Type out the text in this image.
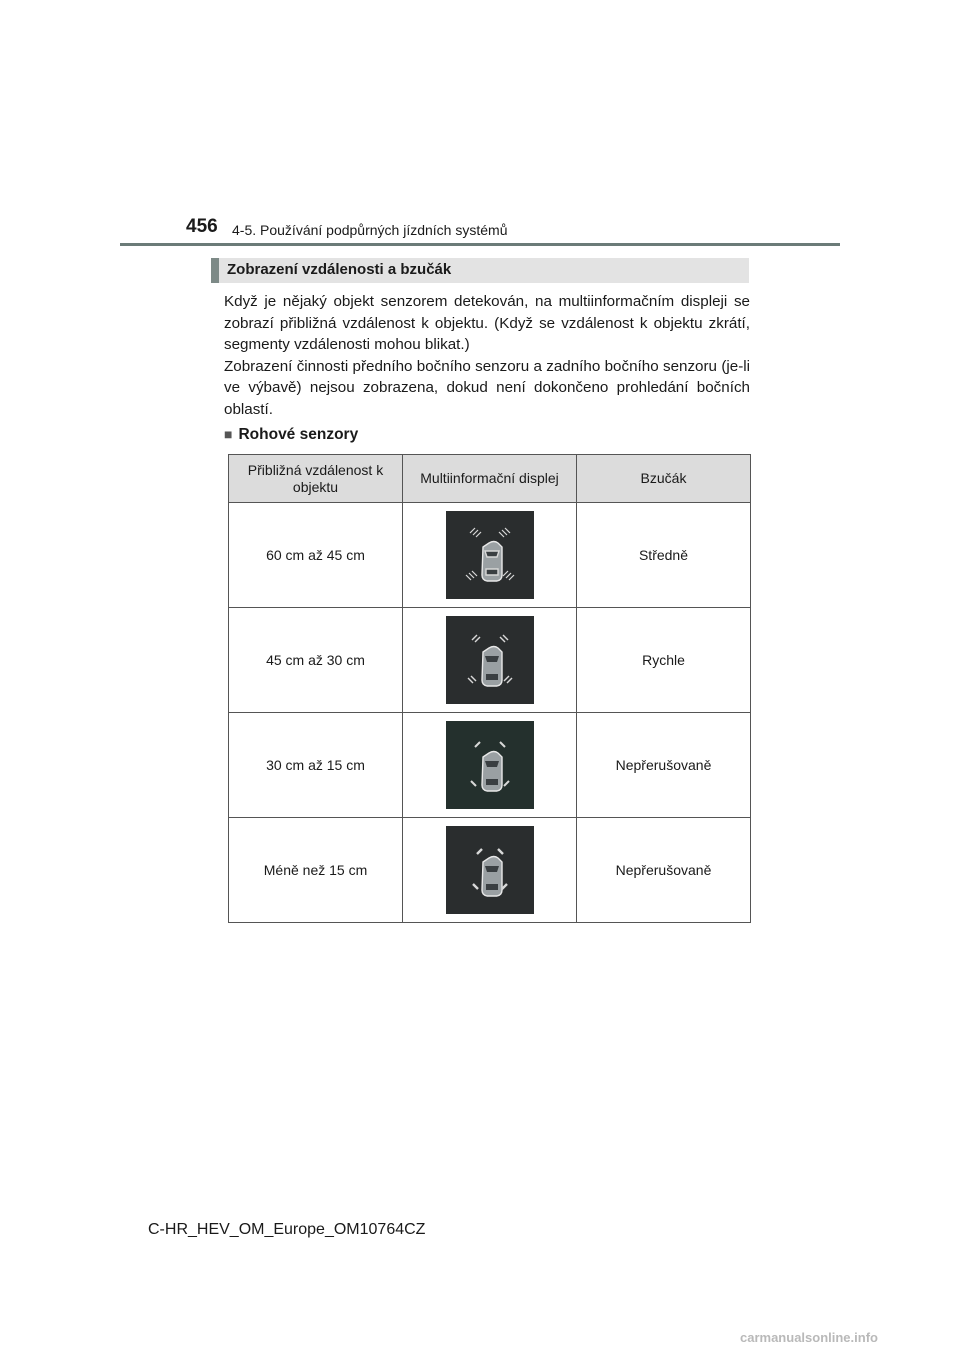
456 4-5. Používání podpůrných jízdních systémů
Zobrazení vzdálenosti a bzučák

Když je nějaký objekt senzorem detekován, na multiinformačním displeji se zobrazí přibližná vzdálenost k objektu. (Když se vzdálenost k objektu zkrátí, segmenty vzdálenosti mohou blikat.)

Zobrazení činnosti předního bočního senzoru a zadního bočního senzoru (je-li ve výbavě) nejsou zobrazena, dokud není dokončeno prohledání bočních oblastí.

■ Rohové senzory
Přibližná vzdálenost k objektu	Multiinformační displej	Bzučák
60 cm až 45 cm		Středně
45 cm až 30 cm		Rychle
30 cm až 15 cm		Nepřerušovaně
Méně než 15 cm		Nepřerušovaně
C-HR_HEV_OM_Europe_OM10764CZ
carmanualsonline.info
